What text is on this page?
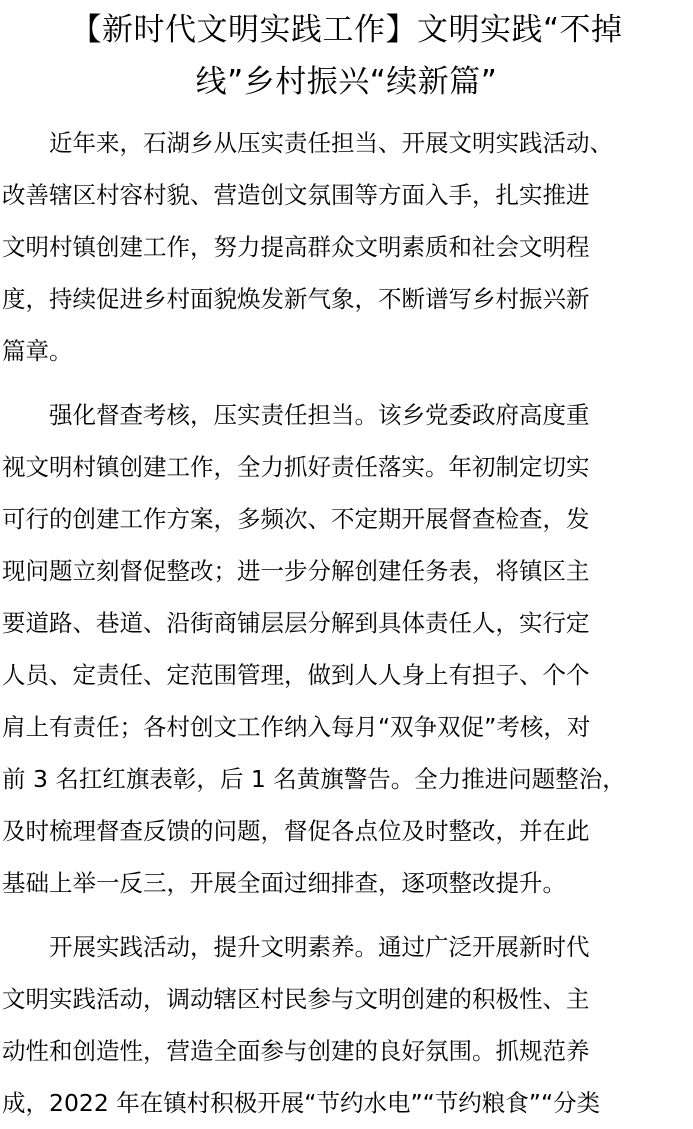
【新时代文明实践工作】文明实践“不掉
线”乡村振兴“续新篇”
　　近年来，石湖乡从压实责任担当、开展文明实践活动、
改善辖区村容村貌、营造创文氛围等方面入手，扎实推进
文明村镇创建工作，努力提高群众文明素质和社会文明程
度，持续促进乡村面貌焕发新气象，不断谱写乡村振兴新
篇章。
　　强化督查考核，压实责任担当。该乡党委政府高度重
视文明村镇创建工作，全力抓好责任落实。年初制定切实
可行的创建工作方案，多频次、不定期开展督查检查，发
现问题立刻督促整改；进一步分解创建任务表，将镇区主
要道路、巷道、沿街商铺层层分解到具体责任人，实行定
人员、定责任、定范围管理，做到人人身上有担子、个个
肩上有责任；各村创文工作纳入每月“双争双促”考核，对
前 3 名扛红旗表彰，后 1 名黄旗警告。全力推进问题整治，
及时梳理督查反馈的问题，督促各点位及时整改，并在此
基础上举一反三，开展全面过细排查，逐项整改提升。
　　开展实践活动，提升文明素养。通过广泛开展新时代
文明实践活动，调动辖区村民参与文明创建的积极性、主
动性和创造性，营造全面参与创建的良好氛围。抓规范养
成，2022 年在镇村积极开展“节约水电”“节约粮食”“分类
